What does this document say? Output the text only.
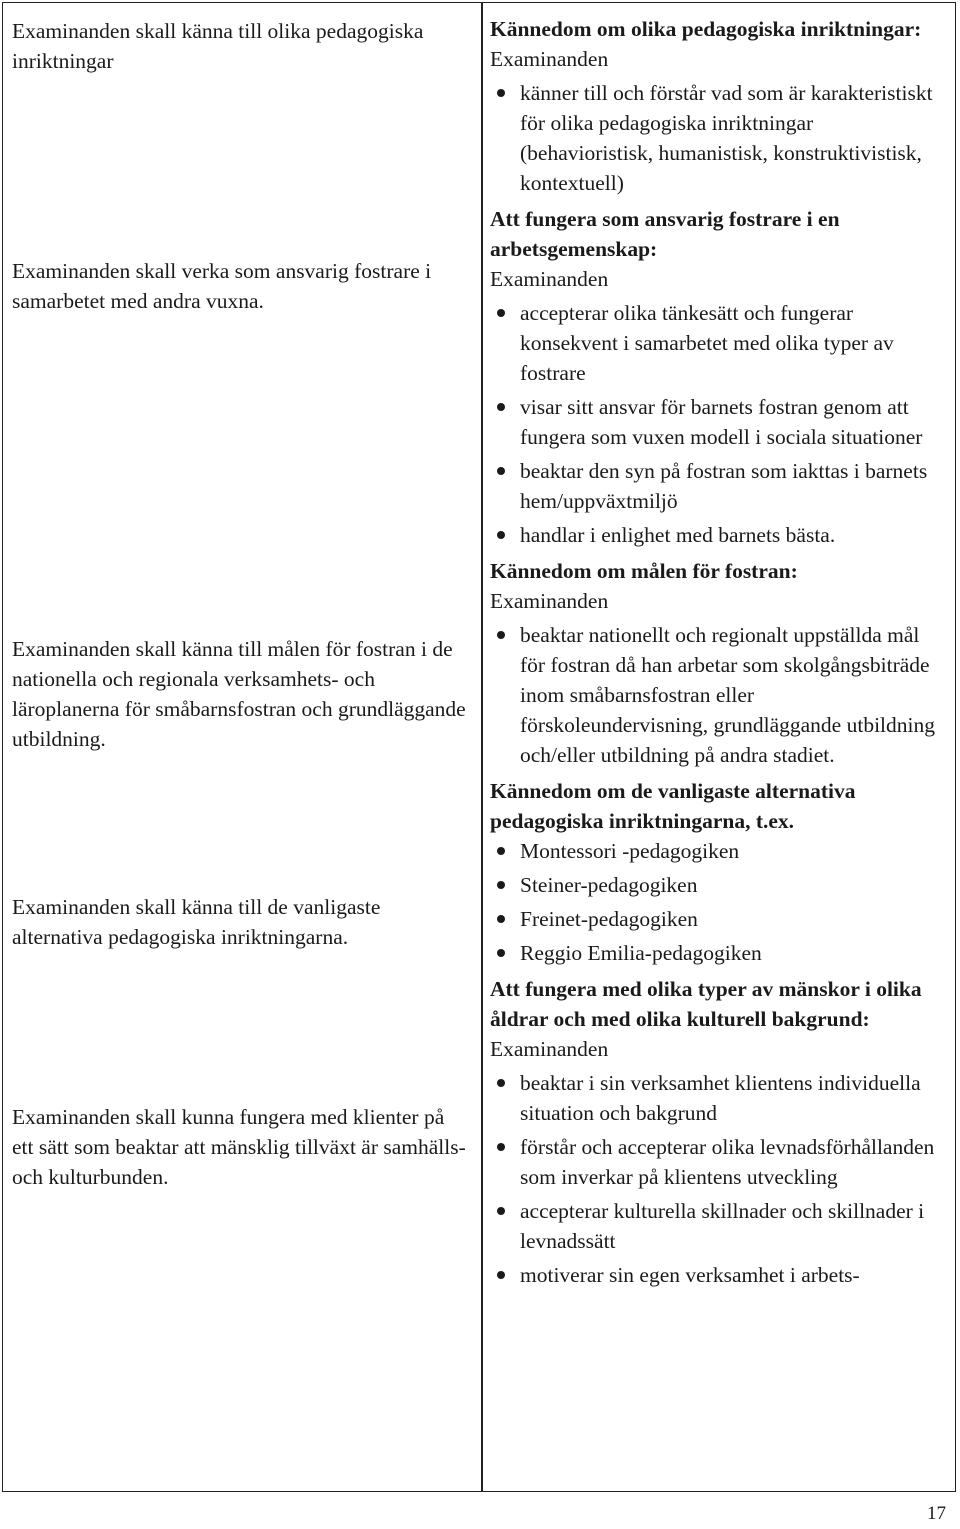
Examinanden skall känna till olika pedagogiska inriktningar

Examinanden skall verka som ansvarig fostrare i samarbetet med andra vuxna.

Examinanden skall känna till målen för fostran i de nationella och regionala verksamhets- och läroplanerna för småbarnsfostran och grundläggande utbildning.

Examinanden skall känna till de vanligaste alternativa pedagogiska inriktningarna.

Examinanden skall kunna fungera med klienter på ett sätt som beaktar att mänsklig tillväxt är samhälls- och kulturbunden.

Kännedom om olika pedagogiska inriktningar:

Examinanden

känner till och förstår vad som är karakteristiskt för olika pedagogiska inriktningar (behavioristisk, humanistisk, konstruktivistisk, kontextuell)

Att fungera som ansvarig fostrare i en arbetsgemenskap:

Examinanden

accepterar olika tänkesätt och fungerar konsekvent i samarbetet med olika typer av fostrare
visar sitt ansvar för barnets fostran genom att fungera som vuxen modell i sociala situationer
beaktar den syn på fostran som iakttas i barnets hem/uppväxtmiljö
handlar i enlighet med barnets bästa.

Kännedom om målen för fostran:

Examinanden

beaktar nationellt och regionalt uppställda mål för fostran då han arbetar som skolgångsbiträde inom småbarnsfostran eller förskoleundervisning, grundläggande utbildning och/eller utbildning på andra stadiet.

Kännedom om de vanligaste alternativa pedagogiska inriktningarna, t.ex.

Montessori -pedagogiken
Steiner-pedagogiken
Freinet-pedagogiken
Reggio Emilia-pedagogiken

Att fungera med olika typer av mänskor i olika åldrar och med olika kulturell bakgrund:

Examinanden

beaktar i sin verksamhet klientens individuella situation och bakgrund
förstår och accepterar olika levnadsförhållanden som inverkar på klientens utveckling
accepterar kulturella skillnader och skillnader i levnadssätt
motiverar sin egen verksamhet i arbets-
17
